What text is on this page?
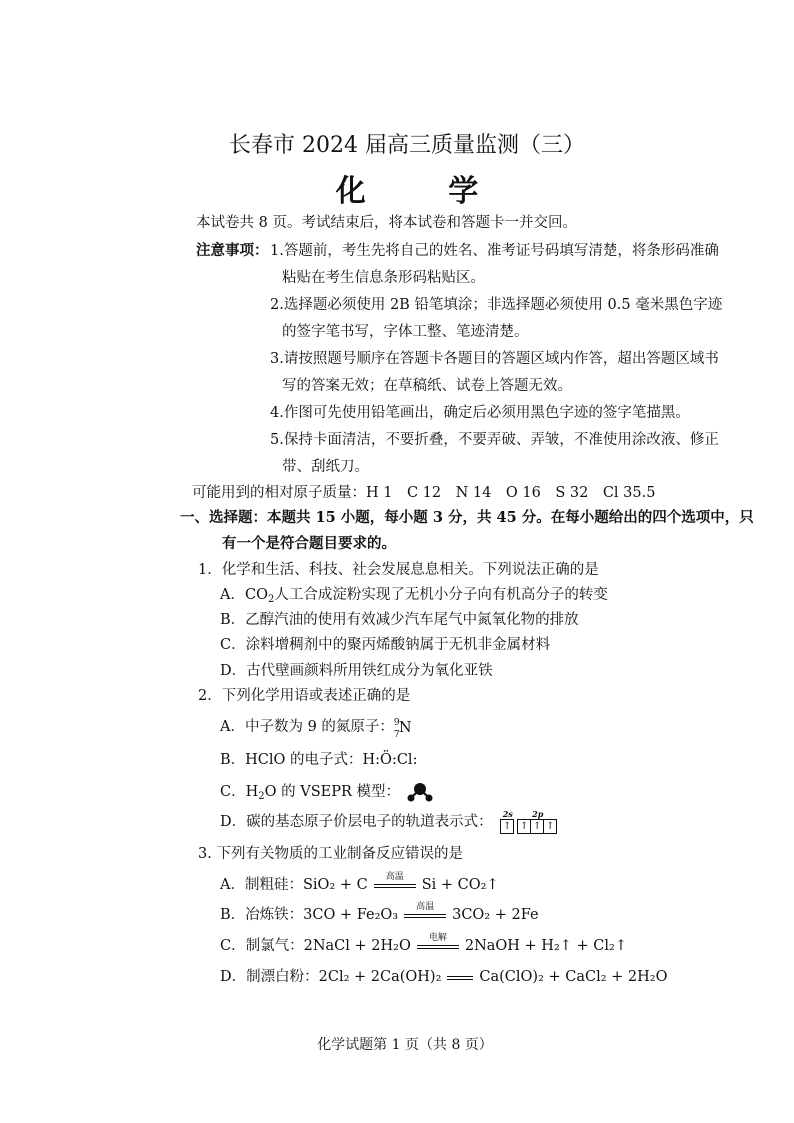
长春市 2024 届高三质量监测（三）
化 学
本试卷共 8 页。考试结束后，将本试卷和答题卡一并交回。
注意事项： 1.答题前，考生先将自己的姓名、准考证号码填写清楚，将条形码准确
粘贴在考生信息条形码粘贴区。
2.选择题必须使用 2B 铅笔填涂；非选择题必须使用 0.5 毫米黑色字迹
的签字笔书写，字体工整、笔迹清楚。
3.请按照题号顺序在答题卡各题目的答题区域内作答，超出答题区域书
写的答案无效；在草稿纸、试卷上答题无效。
4.作图可先使用铅笔画出，确定后必须用黑色字迹的签字笔描黑。
5.保持卡面清洁，不要折叠，不要弄破、弄皱，不准使用涂改液、修正
带、刮纸刀。
可能用到的相对原子质量：H 1　C 12　N 14　O 16　S 32　Cl 35.5
一、选择题：本题共 15 小题，每小题 3 分，共 45 分。在每小题给出的四个选项中，只
有一个是符合题目要求的。
1．化学和生活、科技、社会发展息息相关。下列说法正确的是
A．$CO_2$人工合成淀粉实现了无机小分子向有机高分子的转变
B．乙醇汽油的使用有效减少汽车尾气中氮氧化物的排放
C．涂料增稠剂中的聚丙烯酸钠属于无机非金属材料
D．古代壁画颜料所用铁红成分为氧化亚铁
2．下列化学用语或表述正确的是
A．中子数为 9 的氮原子： 9
7 N
B．HClO 的电子式：H:Ö:Cl:
C．$H_2O$ 的 VSEPR 模型：
D．碳的基态原子价层电子的轨道表示式： 2s
↑
2p
↑ ↑ ↑
3. 下列有关物质的工业制备反应错误的是
A．制粗硅：SiO₂ + C	高温	Si + CO₂↑
B．冶炼铁：3CO + Fe₂O₃	高温	3CO₂ + 2Fe
C．制氯气：2NaCl + 2H₂O	电解	2NaOH + H₂↑ + Cl₂↑
D．制漂白粉：2Cl₂ + 2Ca(OH)₂	Ca(ClO)₂ + CaCl₂ + 2H₂O
化学试题第 1 页（共 8 页）
